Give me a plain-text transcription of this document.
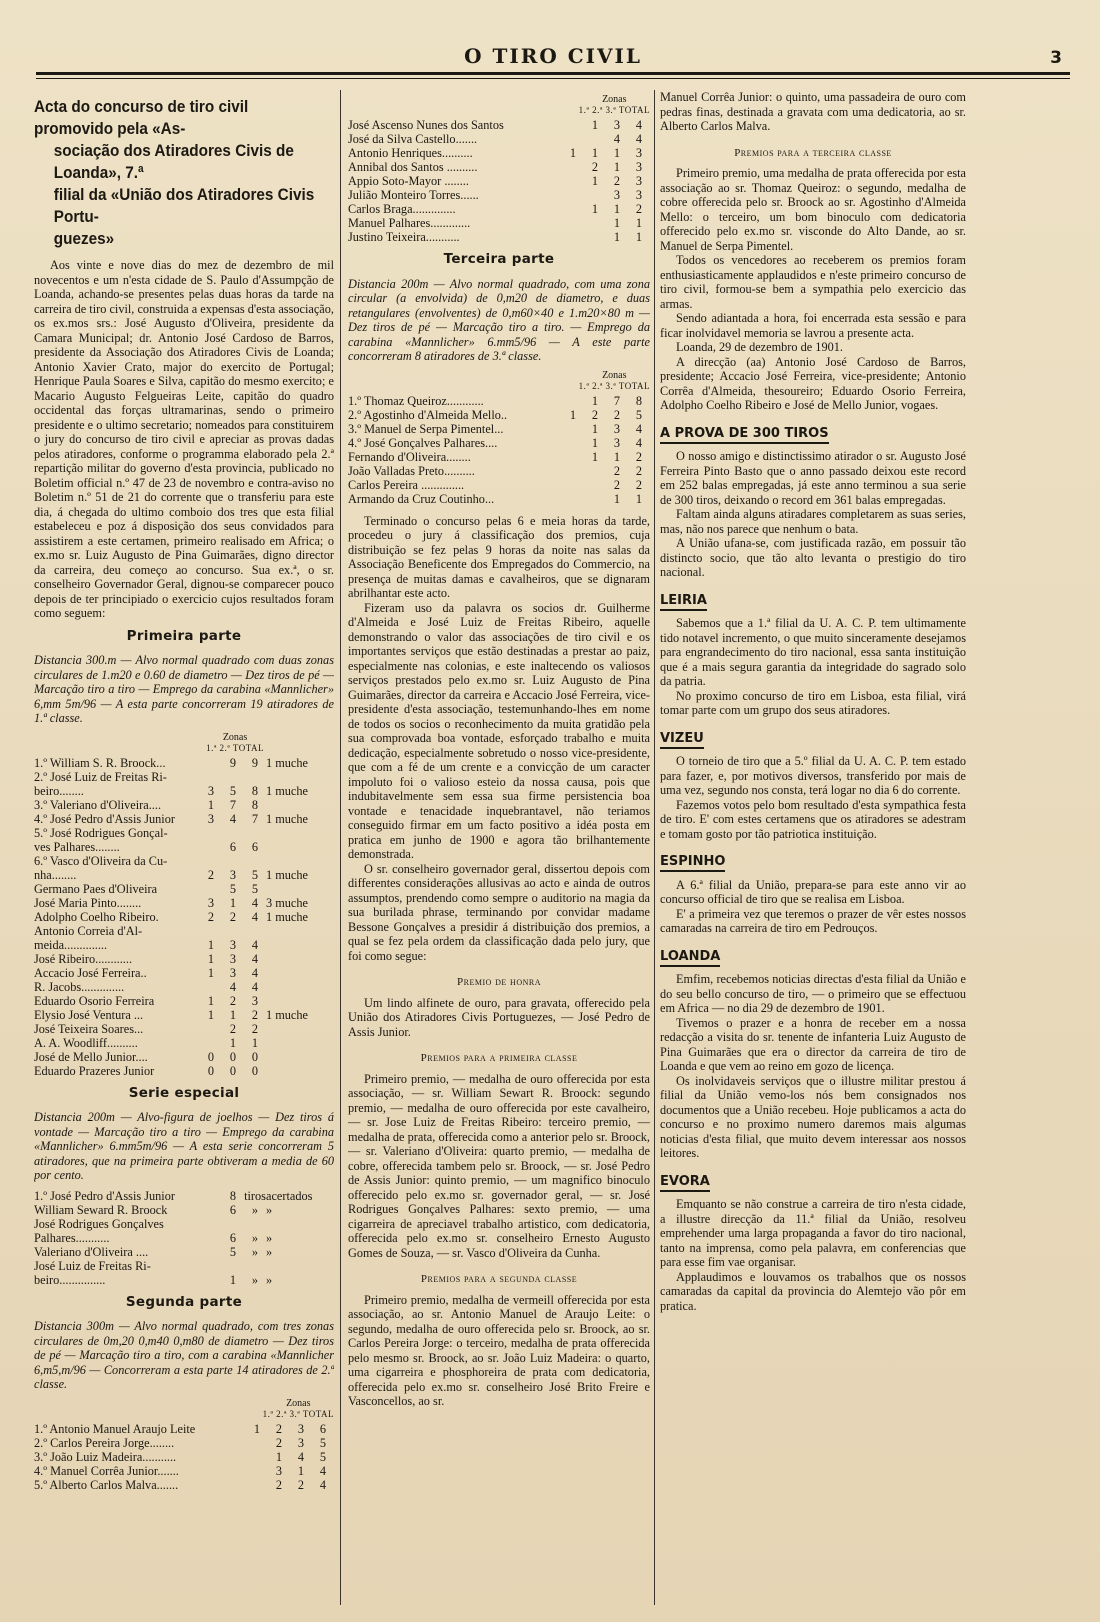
O TIRO CIVIL	3
Acta do concurso de tiro civil promovido pela «As-
sociação dos Atiradores Civis de Loanda», 7.ª
filial da «União dos Atiradores Civis Portu-
guezes»

Aos vinte e nove dias do mez de dezembro de mil novecentos e um n'esta cidade de S. Paulo d'Assumpção de Loanda, achando-se presentes pelas duas horas da tarde na carreira de tiro civil, construida a expensas d'esta associação, os ex.mos srs.: José Augusto d'Oliveira, presidente da Camara Municipal; dr. Antonio José Cardoso de Barros, presidente da Associação dos Atiradores Civis de Loanda; Antonio Xavier Crato, major do exercito de Portugal; Henrique Paula Soares e Silva, capitão do mesmo exercito; e Macario Augusto Felgueiras Leite, capitão do quadro occidental das forças ultramarinas, sendo o primeiro presidente e o ultimo secretario; nomeados para constituirem o jury do concurso de tiro civil e apreciar as provas dadas pelos atiradores, conforme o programma elaborado pela 2.ª repartição militar do governo d'esta provincia, publicado no Boletim official n.º 47 de 23 de novembro e contra-aviso no Boletim n.º 51 de 21 do corrente que o transferiu para este dia, á chegada do ultimo comboio dos tres que esta filial estabeleceu e poz á disposição dos seus convidados para assistirem a este certamen, primeiro realisado em Africa; o ex.mo sr. Luiz Augusto de Pina Guimarães, digno director da carreira, deu começo ao concurso. Sua ex.ª, o sr. conselheiro Governador Geral, dignou-se comparecer pouco depois de ter principiado o exercicio cujos resultados foram como seguem:

Primeira parte

Distancia 300.m — Alvo normal quadrado com duas zonas circulares de 1.m20 e 0.60 de diametro — Dez tiros de pé — Marcação tiro a tiro — Emprego da carabina «Mannlicher» 6,mm 5m/96 — A esta parte concorreram 19 atiradores de 1.ª classe.

Zonas
1.ª 2.ª TOTAL
1.º William S. R. Broock...		9	9	1 muche
2.º José Luiz de Freitas Ri-				
beiro........	3	5	8	1 muche
3.º Valeriano d'Oliveira....	1	7	8	
4.º José Pedro d'Assis Junior	3	4	7	1 muche
5.º José Rodrigues Gonçal-				
ves Palhares........		6	6	
6.º Vasco d'Oliveira da Cu-				
nha........	2	3	5	1 muche
Germano Paes d'Oliveira		5	5	
José Maria Pinto........	3	1	4	3 muche
Adolpho Coelho Ribeiro.	2	2	4	1 muche
Antonio Correia d'Al-				
meida..............	1	3	4	
José Ribeiro............	1	3	4	
Accacio José Ferreira..	1	3	4	
R. Jacobs..............		4	4	
Eduardo Osorio Ferreira	1	2	3	
Elysio José Ventura ...	1	1	2	1 muche
José Teixeira Soares...		2	2	
A. A. Woodliff..........		1	1	
José de Mello Junior....	0	0	0	
Eduardo Prazeres Junior	0	0	0	
Serie especial

Distancia 200m — Alvo-figura de joelhos — Dez tiros á vontade — Marcação tiro a tiro — Emprego da carabina «Mannlicher» 6.mm5m/96 — A esta serie concorreram 5 atiradores, que na primeira parte obtiveram a media de 60 por cento.

1.º José Pedro d'Assis Junior	8	tiros	acertados
William Seward R. Broock	6	»	»
José Rodrigues Gonçalves			
Palhares...........	6	»	»
Valeriano d'Oliveira ....	5	»	»
José Luiz de Freitas Ri-			
beiro...............	1	»	»
Segunda parte

Distancia 300m — Alvo normal quadrado, com tres zonas circulares de 0m,20 0,m40 0,m80 de diametro — Dez tiros de pé — Marcação tiro a tiro, com a carabina «Mannlicher 6,m5,m/96 — Concorreram a esta parte 14 atiradores de 2.ª classe.

Zonas
1.ª 2.ª 3.ª TOTAL
1.º Antonio Manuel Araujo Leite	1	2	3	6
2.º Carlos Pereira Jorge........		2	3	5
3.º João Luiz Madeira...........		1	4	5
4.º Manuel Corrêa Junior.......		3	1	4
5.º Alberto Carlos Malva.......		2	2	4
Zonas
1.ª 2.ª 3.ª TOTAL
José Ascenso Nunes dos Santos		1	3	4
José da Silva Castello.......			4	4
Antonio Henriques..........	1	1	1	3
Annibal dos Santos ..........		2	1	3
Appio Soto-Mayor ........		1	2	3
Julião Monteiro Torres......			3	3
Carlos Braga..............		1	1	2
Manuel Palhares.............			1	1
Justino Teixeira...........			1	1
Terceira parte

Distancia 200m — Alvo normal quadrado, com uma zona circular (a envolvida) de 0,m20 de diametro, e duas retangulares (envolventes) de 0,m60×40 e 1.m20×80 m — Dez tiros de pé — Marcação tiro a tiro. — Emprego da carabina «Mannlicher» 6.mm5/96 — A este parte concorreram 8 atiradores de 3.ª classe.

Zonas
1.ª 2.ª 3.ª TOTAL
1.º Thomaz Queiroz............		1	7	8
2.º Agostinho d'Almeida Mello..	1	2	2	5
3.º Manuel de Serpa Pimentel...		1	3	4
4.º José Gonçalves Palhares....		1	3	4
Fernando d'Oliveira........		1	1	2
João Valladas Preto..........			2	2
Carlos Pereira ..............			2	2
Armando da Cruz Coutinho...			1	1

Terminado o concurso pelas 6 e meia horas da tarde, procedeu o jury á classificação dos premios, cuja distribuição se fez pelas 9 horas da noite nas salas da Associação Beneficente dos Empregados do Commercio, na presença de muitas damas e cavalheiros, que se dignaram abrilhantar este acto.

Fizeram uso da palavra os socios dr. Guilherme d'Almeida e José Luiz de Freitas Ribeiro, aquelle demonstrando o valor das associações de tiro civil e os importantes serviços que estão destinadas a prestar ao paiz, especialmente nas colonias, e este inaltecendo os valiosos serviços prestados pelo ex.mo sr. Luiz Augusto de Pina Guimarães, director da carreira e Accacio José Ferreira, vice-presidente d'esta associação, testemunhando-lhes em nome de todos os socios o reconhecimento da muita gratidão pela sua comprovada boa vontade, esforçado trabalho e muita dedicação, especialmente sobretudo o nosso vice-presidente, que com a fé de um crente e a convicção de um caracter impoluto foi o valioso esteio da nossa causa, pois que indubitavelmente sem essa sua firme persistencia boa vontade e tenacidade inquebrantavel, não teriamos conseguido firmar em um facto positivo a idéa posta em pratica em junho de 1900 e agora tão brilhantemente demonstrada.

O sr. conselheiro governador geral, dissertou depois com differentes considerações allusivas ao acto e ainda de outros assumptos, prendendo como sempre o auditorio na magia da sua burilada phrase, terminando por convidar madame Bessone Gonçalves a presidir á distribuição dos premios, a qual se fez pela ordem da classificação dada pelo jury, que foi como segue:

Premio de honra

Um lindo alfinete de ouro, para gravata, offerecido pela União dos Atiradores Civis Portuguezes, — José Pedro de Assis Junior.

Premios para a primeira classe

Primeiro premio, — medalha de ouro offerecida por esta associação, — sr. William Sewart R. Broock: segundo premio, — medalha de ouro offerecida por este cavalheiro, — sr. Jose Luiz de Freitas Ribeiro: terceiro premio, — medalha de prata, offerecida como a anterior pelo sr. Broock, — sr. Valeriano d'Oliveira: quarto premio, — medalha de cobre, offerecida tambem pelo sr. Broock, — sr. José Pedro de Assis Junior: quinto premio, — um magnifico binoculo offerecido pelo ex.mo sr. governador geral, — sr. José Rodrigues Gonçalves Palhares: sexto premio, — uma cigarreira de apreciavel trabalho artistico, com dedicatoria, offerecida pelo ex.mo sr. conselheiro Ernesto Augusto Gomes de Souza, — sr. Vasco d'Oliveira da Cunha.

Premios para a segunda classe

Primeiro premio, medalha de vermeill offerecida por esta associação, ao sr. Antonio Manuel de Araujo Leite: o segundo, medalha de ouro offerecida pelo sr. Broock, ao sr. Carlos Pereira Jorge: o terceiro, medalha de prata offerecida pelo mesmo sr. Broock, ao sr. João Luiz Madeira: o quarto, uma cigarreira e phosphoreira de prata com dedicatoria, offerecida pelo ex.mo sr. conselheiro José Brito Freire e Vasconcellos, ao sr.

Manuel Corrêa Junior: o quinto, uma passadeira de ouro com pedras finas, destinada a gravata com uma dedicatoria, ao sr. Alberto Carlos Malva.

Premios para a terceira classe

Primeiro premio, uma medalha de prata offerecida por esta associação ao sr. Thomaz Queiroz: o segundo, medalha de cobre offerecida pelo sr. Broock ao sr. Agostinho d'Almeida Mello: o terceiro, um bom binoculo com dedicatoria offerecido pelo ex.mo sr. visconde do Alto Dande, ao sr. Manuel de Serpa Pimentel.

Todos os vencedores ao receberem os premios foram enthusiasticamente applaudidos e n'este primeiro concurso de tiro civil, formou-se bem a sympathia pelo exercicio das armas.

Sendo adiantada a hora, foi encerrada esta sessão e para ficar inolvidavel memoria se lavrou a presente acta.

Loanda, 29 de dezembro de 1901.

A direcção (aa) Antonio José Cardoso de Barros, presidente; Accacio José Ferreira, vice-presidente; Antonio Corrêa d'Almeida, thesoureiro; Eduardo Osorio Ferreira, Adolpho Coelho Ribeiro e José de Mello Junior, vogaes.

A PROVA DE 300 TIROS

O nosso amigo e distinctissimo atirador o sr. Augusto José Ferreira Pinto Basto que o anno passado deixou este record em 252 balas empregadas, já este anno terminou a sua serie de 300 tiros, deixando o record em 361 balas empregadas.

Faltam ainda alguns atiradares completarem as suas series, mas, não nos parece que nenhum o bata.

A União ufana-se, com justificada razão, em possuir tão distincto socio, que tão alto levanta o prestigio do tiro nacional.

LEIRIA

Sabemos que a 1.ª filial da U. A. C. P. tem ultimamente tido notavel incremento, o que muito sinceramente desejamos para engrandecimento do tiro nacional, essa santa instituição que é a mais segura garantia da integridade do sagrado solo da patria.

No proximo concurso de tiro em Lisboa, esta filial, virá tomar parte com um grupo dos seus atiradores.

VIZEU

O torneio de tiro que a 5.º filial da U. A. C. P. tem estado para fazer, e, por motivos diversos, transferido por mais de uma vez, segundo nos consta, terá logar no dia 6 do corrente.

Fazemos votos pelo bom resultado d'esta sympathica festa de tiro. E' com estes certamens que os atiradores se adestram e tomam gosto por tão patriotica instituição.

ESPINHO

A 6.ª filial da União, prepara-se para este anno vir ao concurso official de tiro que se realisa em Lisboa.

E' a primeira vez que teremos o prazer de vêr estes nossos camaradas na carreira de tiro em Pedrouços.

LOANDA

Emfim, recebemos noticias directas d'esta filial da União e do seu bello concurso de tiro, — o primeiro que se effectuou em Africa — no dia 29 de dezembro de 1901.

Tivemos o prazer e a honra de receber em a nossa redacção a visita do sr. tenente de infanteria Luiz Augusto de Pina Guimarães que era o director da carreira de tiro de Loanda e que vem ao reino em gozo de licença.

Os inolvidaveis serviços que o illustre militar prestou á filial da União vemo-los nós bem consignados nos documentos que a União recebeu. Hoje publicamos a acta do concurso e no proximo numero daremos mais algumas noticias d'esta filial, que muito devem interessar aos nossos leitores.

EVORA

Emquanto se não construe a carreira de tiro n'esta cidade, a illustre direcção da 11.ª filial da União, resolveu emprehender uma larga propaganda a favor do tiro nacional, tanto na imprensa, como pela palavra, em conferencias que para esse fim vae organisar.

Applaudimos e louvamos os trabalhos que os nossos camaradas da capital da provincia do Alemtejo vão pôr em pratica.
